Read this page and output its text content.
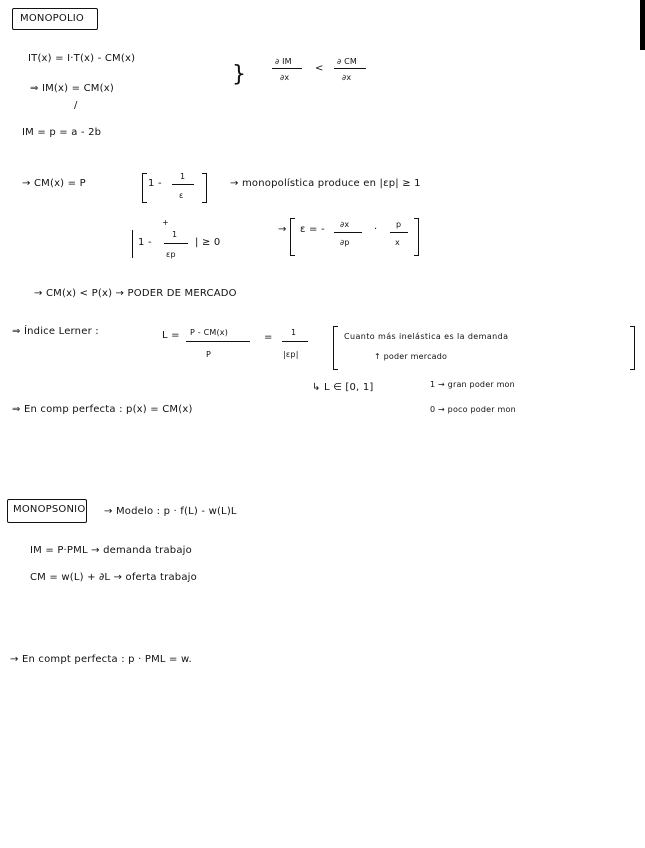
MONOPOLIO
IT(x) = I·T(x) - CM(x)
⇒ IM(x) = CM(x)
/
}
∂ IM
∂x
<
∂ CM
∂x
IM = p = a - 2b
→ CM(x) = P	1 -
1
ε
→ monopolística produce en |εp| ≥ 1
+
1 -
1
εp
| ≥ 0
→ ε = - ∂x
∂p
· p
x
→ CM(x) < P(x) → PODER DE MERCADO
⇒ Índice Lerner :	L = P - CM(x)
P
= 1
|εp|
Cuanto más inelástica es la demanda
↑ poder mercado
↳ L ∈ [0, 1]	1 → gran poder mon
0 → poco poder mon
⇒ En comp perfecta : p(x) = CM(x)
MONOPSONIO → Modelo : p · f(L) - w(L)L
IM = P·PML → demanda trabajo
CM = w(L) + ∂L → oferta trabajo
→ En compt perfecta : p · PML = w.
